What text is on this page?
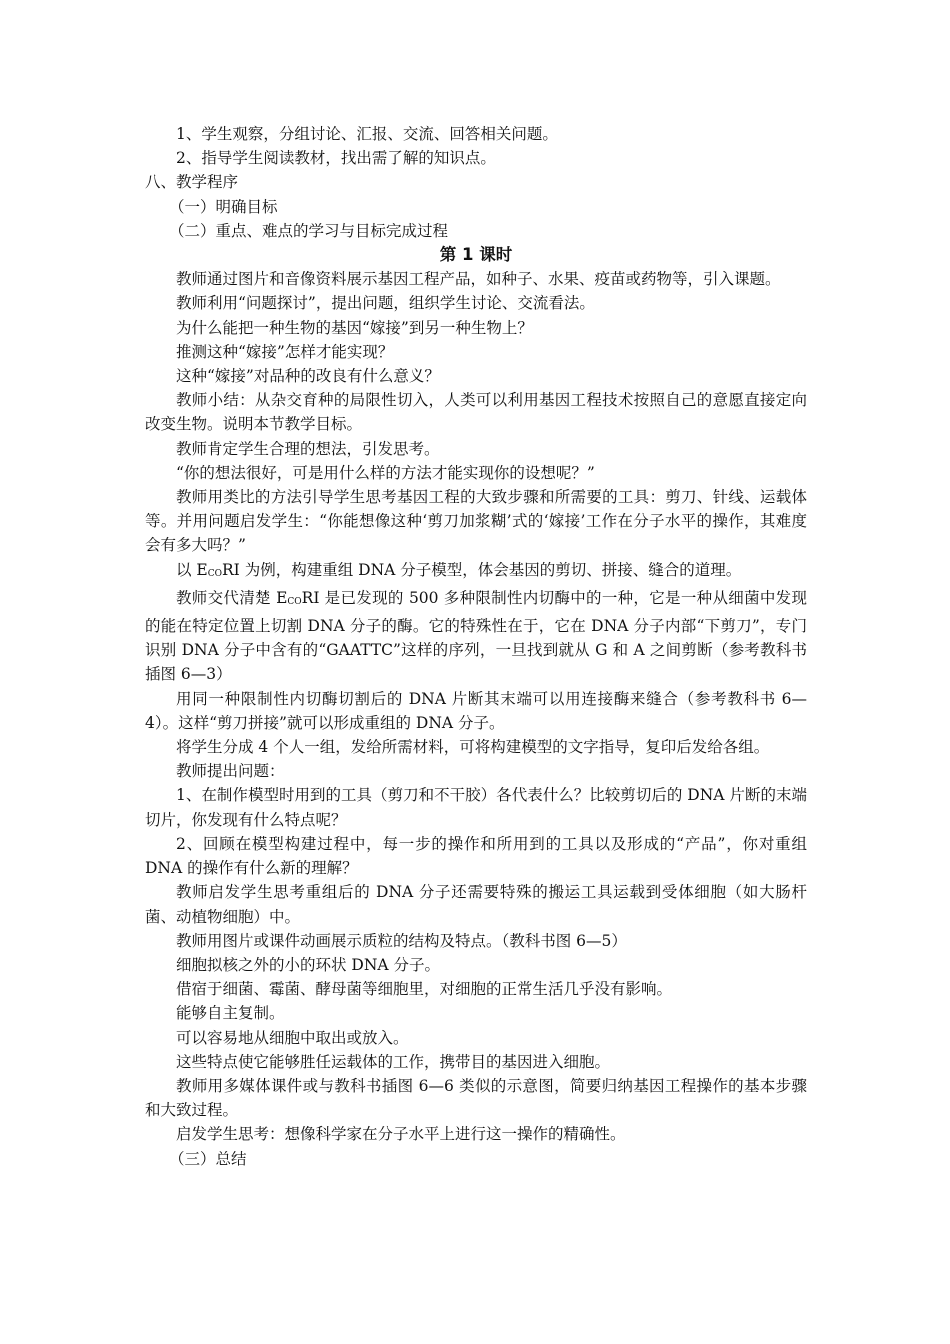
1、学生观察，分组讨论、汇报、交流、回答相关问题。

2、指导学生阅读教材，找出需了解的知识点。

八、教学程序

（一）明确目标

（二）重点、难点的学习与目标完成过程

第 1 课时

教师通过图片和音像资料展示基因工程产品，如种子、水果、疫苗或药物等，引入课题。

教师利用“问题探讨”，提出问题，组织学生讨论、交流看法。

为什么能把一种生物的基因“嫁接”到另一种生物上？

推测这种“嫁接”怎样才能实现？

这种“嫁接”对品种的改良有什么意义？

教师小结：从杂交育种的局限性切入，人类可以利用基因工程技术按照自己的意愿直接定向改变生物。说明本节教学目标。

教师肯定学生合理的想法，引发思考。

“你的想法很好，可是用什么样的方法才能实现你的设想呢？”

教师用类比的方法引导学生思考基因工程的大致步骤和所需要的工具：剪刀、针线、运载体等。并用问题启发学生：“你能想像这种‘剪刀加浆糊’式的‘嫁接’工作在分子水平的操作，其难度会有多大吗？”

以 $E_{CO}RI$ 为例，构建重组 DNA 分子模型，体会基因的剪切、拼接、缝合的道理。

教师交代清楚 $E_{CO}RI$ 是已发现的 500 多种限制性内切酶中的一种，它是一种从细菌中发现的能在特定位置上切割 DNA 分子的酶。它的特殊性在于，它在 DNA 分子内部“下剪刀”，专门识别 DNA 分子中含有的“GAATTC”这样的序列，一旦找到就从 G 和 A 之间剪断（参考教科书插图 6—3）

用同一种限制性内切酶切割后的 DNA 片断其末端可以用连接酶来缝合（参考教科书 6—4）。这样“剪刀拼接”就可以形成重组的 DNA 分子。

将学生分成 4 个人一组，发给所需材料，可将构建模型的文字指导，复印后发给各组。

教师提出问题：

1、在制作模型时用到的工具（剪刀和不干胶）各代表什么？比较剪切后的 DNA 片断的末端切片，你发现有什么特点呢？

2、回顾在模型构建过程中，每一步的操作和所用到的工具以及形成的“产品”，你对重组 DNA 的操作有什么新的理解？

教师启发学生思考重组后的 DNA 分子还需要特殊的搬运工具运载到受体细胞（如大肠杆菌、动植物细胞）中。

教师用图片或课件动画展示质粒的结构及特点。（教科书图 6—5）

细胞拟核之外的小的环状 DNA 分子。

借宿于细菌、霉菌、酵母菌等细胞里，对细胞的正常生活几乎没有影响。

能够自主复制。

可以容易地从细胞中取出或放入。

这些特点使它能够胜任运载体的工作，携带目的基因进入细胞。

教师用多媒体课件或与教科书插图 6—6 类似的示意图，简要归纳基因工程操作的基本步骤和大致过程。

启发学生思考：想像科学家在分子水平上进行这一操作的精确性。

（三）总结
